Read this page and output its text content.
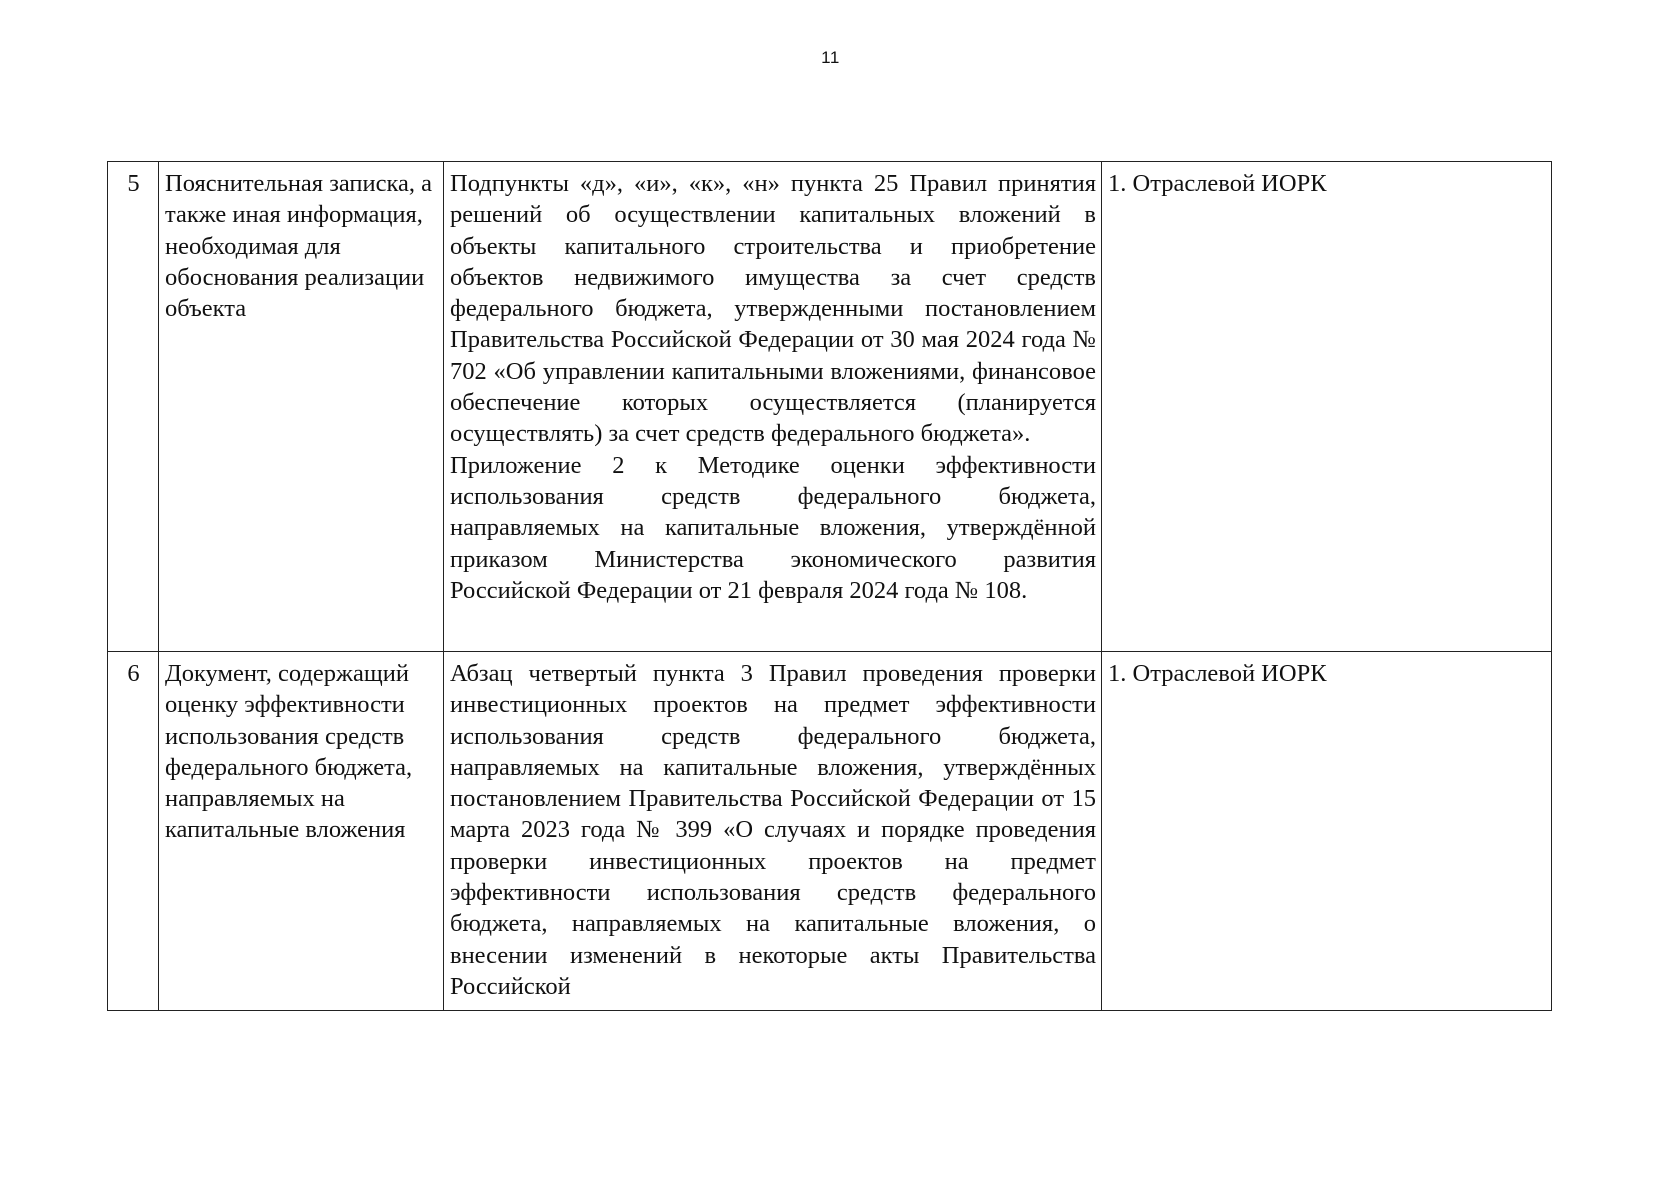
11
5	Пояснительная записка, а также иная информация, необходимая для обоснования реализации объекта	Подпункты «д», «и», «к», «н» пункта 25 Правил принятия решений об осуществлении капитальных вложений в объекты капитального строительства и приобретение объектов недвижимого имущества за счет средств федерального бюджета, утвержденными постановлением Правительства Российской Федерации от 30 мая 2024 года № 702 «Об управлении капитальными вложениями, финансовое обеспечение которых осуществляется (планируется осуществлять) за счет средств федерального бюджета».

Приложение 2 к Методике оценки эффективности использования средств федерального бюджета, направляемых на капитальные вложения, утверждённой приказом Министерства экономического развития Российской Федерации от 21 февраля 2024 года № 108.	1. Отраслевой ИОРК
6	Документ, содержащий оценку эффективности использования средств федерального бюджета, направляемых на капитальные вложения	Абзац четвертый пункта 3 Правил проведения проверки инвестиционных проектов на предмет эффективности использования средств федерального бюджета, направляемых на капитальные вложения, утверждённых постановлением Правительства Российской Федерации от 15 марта 2023 года № 399 «О случаях и порядке проведения проверки инвестиционных проектов на предмет эффективности использования средств федерального бюджета, направляемых на капитальные вложения, о внесении изменений в некоторые акты Правительства Российской	1. Отраслевой ИОРК
